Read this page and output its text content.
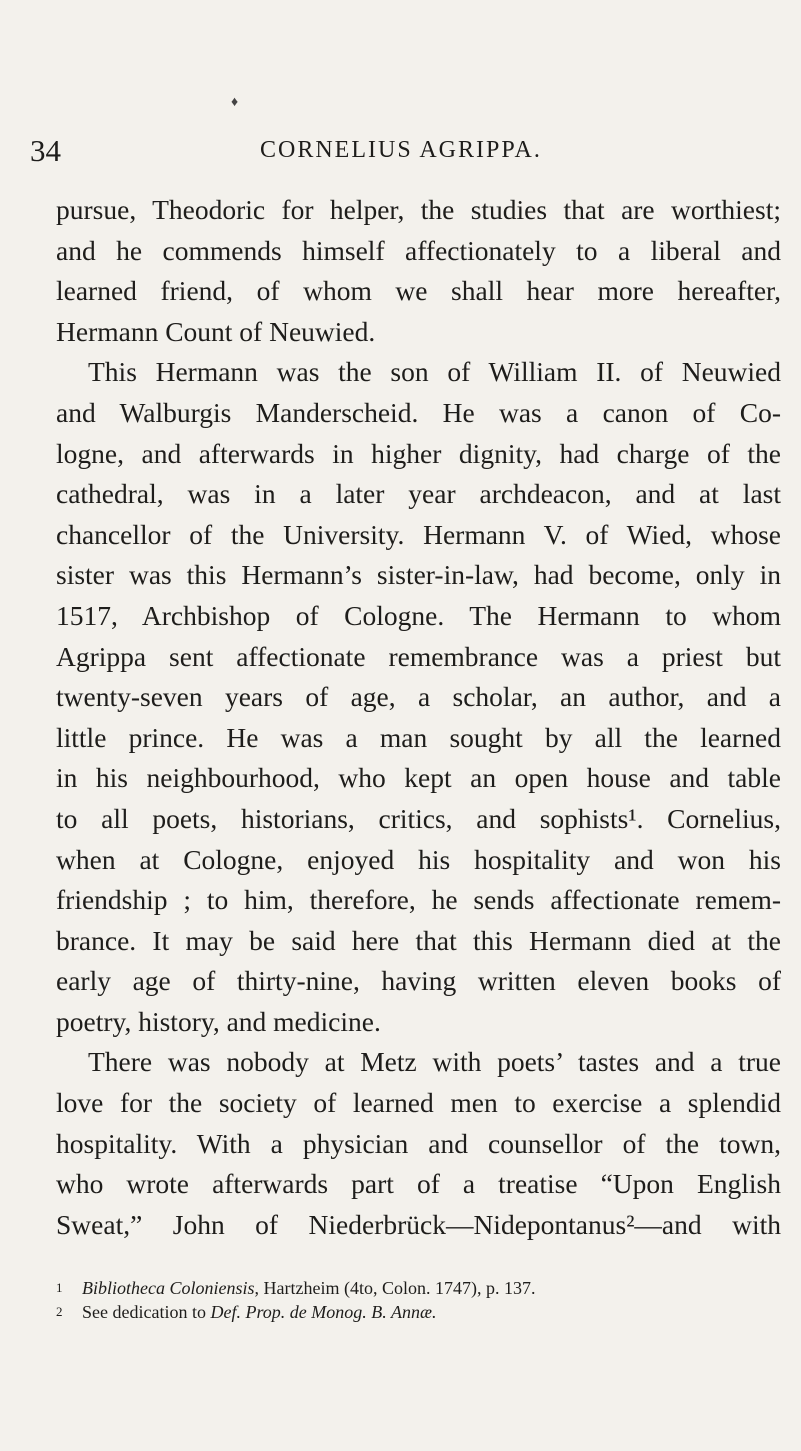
♦
34	CORNELIUS AGRIPPA.
pursue, Theodoric for helper, the studies that are worthiest;
and he commends himself affectionately to a liberal and
learned friend, of whom we shall hear more hereafter,
Hermann Count of Neuwied.
This Hermann was the son of William II. of Neuwied
and Walburgis Manderscheid. He was a canon of Co-
logne, and afterwards in higher dignity, had charge of the
cathedral, was in a later year archdeacon, and at last
chancellor of the University. Hermann V. of Wied, whose
sister was this Hermann’s sister-in-law, had become, only in
1517, Archbishop of Cologne. The Hermann to whom
Agrippa sent affectionate remembrance was a priest but
twenty-seven years of age, a scholar, an author, and a
little prince. He was a man sought by all the learned
in his neighbourhood, who kept an open house and table
to all poets, historians, critics, and sophists¹. Cornelius,
when at Cologne, enjoyed his hospitality and won his
friendship ; to him, therefore, he sends affectionate remem-
brance. It may be said here that this Hermann died at the
early age of thirty-nine, having written eleven books of
poetry, history, and medicine.
There was nobody at Metz with poets’ tastes and a true
love for the society of learned men to exercise a splendid
hospitality. With a physician and counsellor of the town,
who wrote afterwards part of a treatise “Upon English
Sweat,” John of Niederbrück—Nidepontanus²—and with
1 Bibliotheca Coloniensis, Hartzheim (4to, Colon. 1747), p. 137.
2 See dedication to Def. Prop. de Monog. B. Annæ.
